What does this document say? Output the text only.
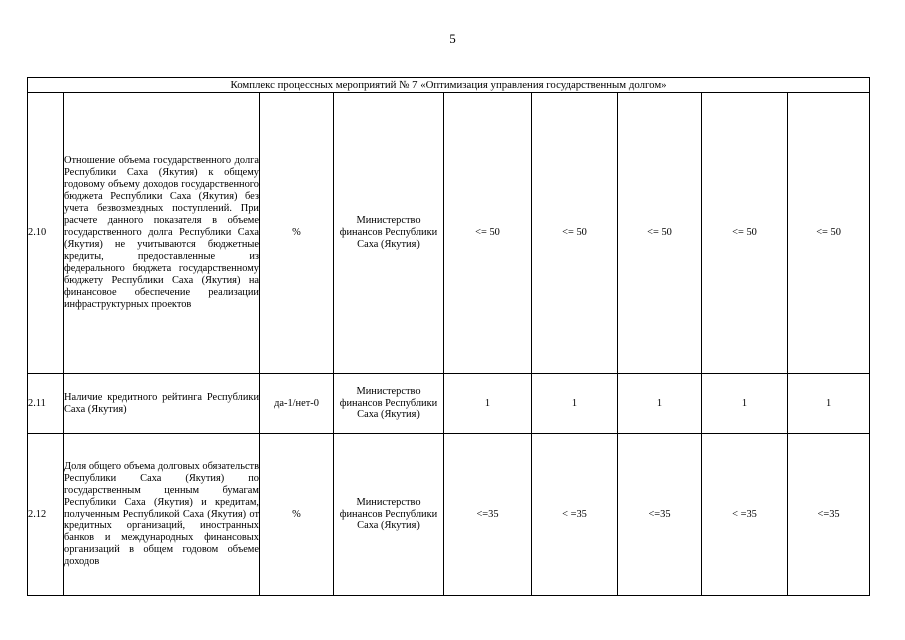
5
Комплекс процессных мероприятий № 7 «Оптимизация управления государственным долгом»								
2.10	Отношение объема государственного долга Республики Саха (Якутия) к общему годовому объему доходов государственного бюджета Республики Саха (Якутия) без учета безвозмездных поступлений. При расчете данного показателя в объеме государственного долга Республики Саха (Якутия) не учитываются бюджетные кредиты, предоставленные из федерального бюджета государственному бюджету Республики Саха (Якутия) на финансовое обеспечение реализации инфраструктурных проектов	%	Министерство финансов Республики Саха (Якутия)	<= 50	<= 50	<= 50	<= 50	<= 50
2.11	Наличие кредитного рейтинга Республики Саха (Якутия)	да-1/нет-0	Министерство финансов Республики Саха (Якутия)	1	1	1	1	1
2.12	Доля общего объема долговых обязательств Республики Саха (Якутия) по государственным ценным бумагам Республики Саха (Якутия) и кредитам, полученным Республикой Саха (Якутия) от кредитных организаций, иностранных банков и международных финансовых организаций в общем годовом объеме доходов	%	Министерство финансов Республики Саха (Якутия)	<=35	< =35	<=35	< =35	<=35
